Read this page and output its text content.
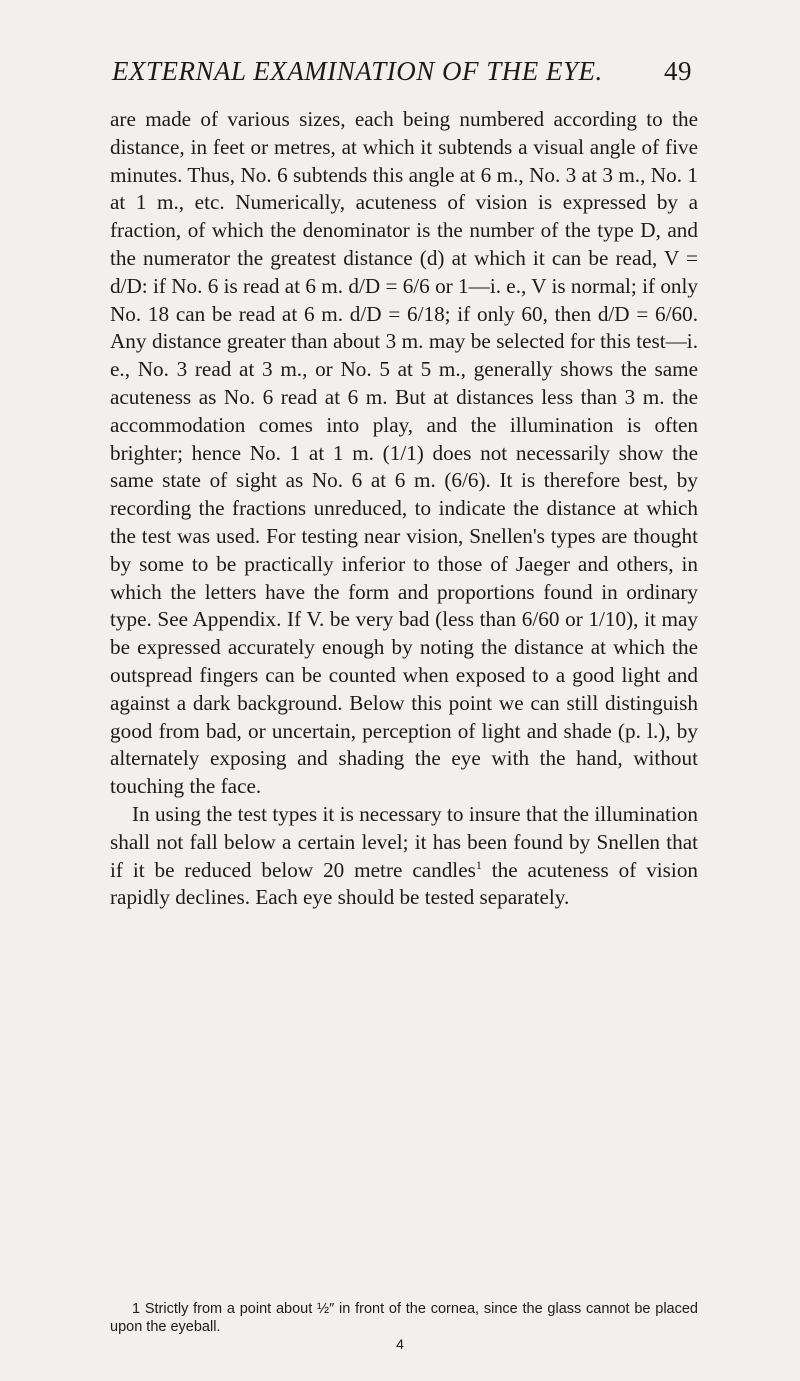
EXTERNAL EXAMINATION OF THE EYE. 49

are made of various sizes, each being numbered according to the distance, in feet or metres, at which it subtends a visual angle of five minutes. Thus, No. 6 subtends this angle at 6 m., No. 3 at 3 m., No. 1 at 1 m., etc. Numerically, acuteness of vision is expressed by a fraction, of which the denominator is the number of the type D, and the numerator the greatest distance (d) at which it can be read, V = d/D: if No. 6 is read at 6 m. d/D = 6/6 or 1—i. e., V is normal; if only No. 18 can be read at 6 m. d/D = 6/18; if only 60, then d/D = 6/60. Any distance greater than about 3 m. may be selected for this test—i. e., No. 3 read at 3 m., or No. 5 at 5 m., generally shows the same acuteness as No. 6 read at 6 m. But at distances less than 3 m. the accommodation comes into play, and the illumination is often brighter; hence No. 1 at 1 m. (1/1) does not necessarily show the same state of sight as No. 6 at 6 m. (6/6). It is therefore best, by recording the fractions unreduced, to indicate the distance at which the test was used. For testing near vision, Snellen's types are thought by some to be practically inferior to those of Jaeger and others, in which the letters have the form and proportions found in ordinary type. See Appendix. If V. be very bad (less than 6/60 or 1/10), it may be expressed accurately enough by noting the distance at which the outspread fingers can be counted when exposed to a good light and against a dark background. Below this point we can still distinguish good from bad, or uncertain, perception of light and shade (p. l.), by alternately exposing and shading the eye with the hand, without touching the face.

In using the test types it is necessary to insure that the illumination shall not fall below a certain level; it has been found by Snellen that if it be reduced below 20 metre candles$^1$ the acuteness of vision rapidly declines. Each eye should be tested separately.

1 Strictly from a point about ½″ in front of the cornea, since the glass cannot be placed upon the eyeball.

4
